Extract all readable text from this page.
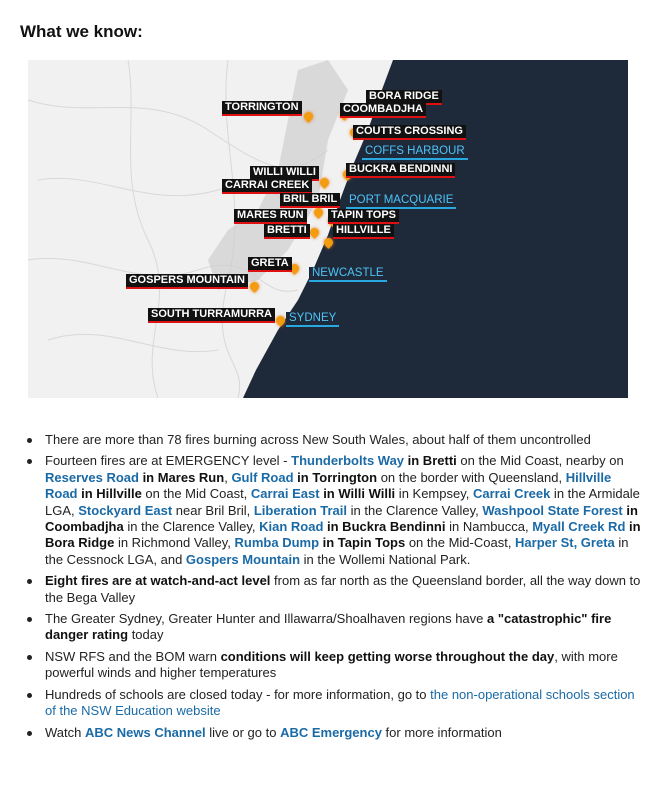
What we know:
BORA RIDGE
COOMBADJHA
TORRINGTON
COUTTS CROSSING
BUCKRA BENDINNI
WILLI WILLI
CARRAI CREEK
BRIL BRIL
MARES RUN TAPIN TOPS
BRETTI	HILLVILLE
GRETA
GOSPERS MOUNTAIN
SOUTH TURRAMURRA
COFFS HARBOUR
PORT MACQUARIE
NEWCASTLE
SYDNEY
There are more than 78 fires burning across New South Wales, about half of them uncontrolled
Fourteen fires are at EMERGENCY level - Thunderbolts Way in Bretti on the Mid Coast, nearby on Reserves Road in Mares Run, Gulf Road in Torrington on the border with Queensland, Hillville Road in Hillville on the Mid Coast, Carrai East in Willi Willi in Kempsey, Carrai Creek in the Armidale LGA, Stockyard East near Bril Bril, Liberation Trail in the Clarence Valley, Washpool State Forest in Coombadjha in the Clarence Valley, Kian Road in Buckra Bendinni in Nambucca, Myall Creek Rd in Bora Ridge in Richmond Valley, Rumba Dump in Tapin Tops on the Mid-Coast, Harper St, Greta in the Cessnock LGA, and Gospers Mountain in the Wollemi National Park.
Eight fires are at watch-and-act level from as far north as the Queensland border, all the way down to the Bega Valley
The Greater Sydney, Greater Hunter and Illawarra/Shoalhaven regions have a "catastrophic" fire danger rating today
NSW RFS and the BOM warn conditions will keep getting worse throughout the day, with more powerful winds and higher temperatures
Hundreds of schools are closed today - for more information, go to the non-operational schools section of the NSW Education website
Watch ABC News Channel live or go to ABC Emergency for more information
